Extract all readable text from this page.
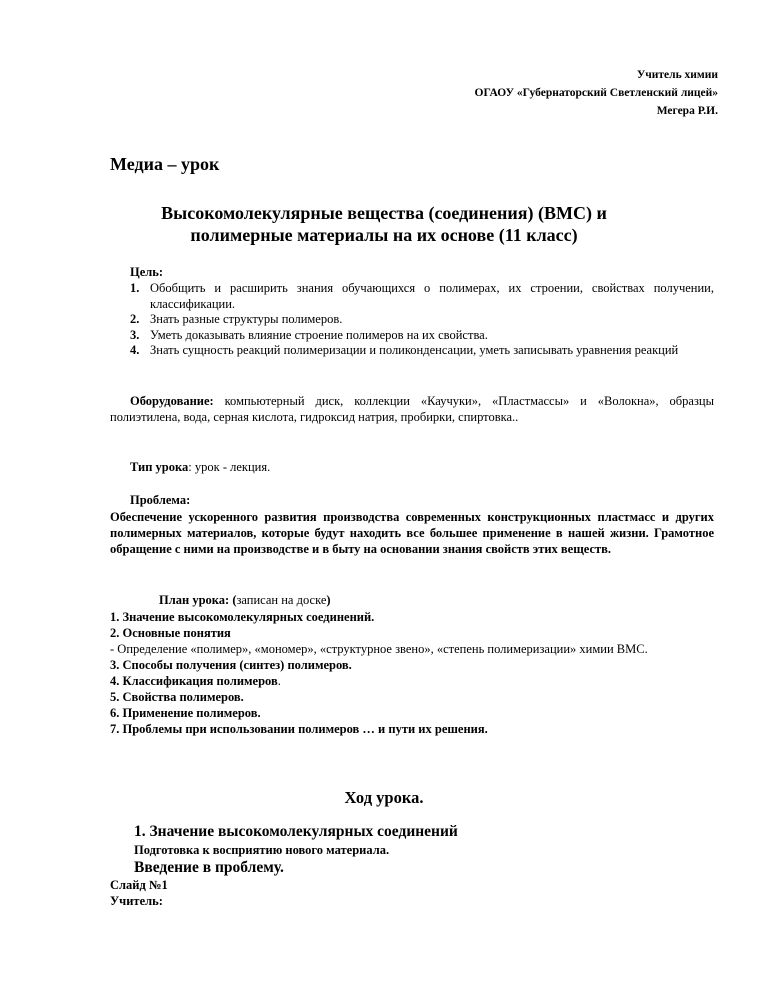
Учитель химии
ОГАОУ «Губернаторский Светленский лицей»
Мегера Р.И.
Медиа – урок
Высокомолекулярные вещества (соединения) (ВМС) и
полимерные материалы на их основе (11 класс)
Цель:
1. Обобщить и расширить знания обучающихся о полимерах, их строении, свойствах получении, классификации.
2. Знать разные структуры полимеров.
3. Уметь доказывать влияние строение полимеров на их свойства.
4. Знать сущность реакций полимеризации и поликонденсации, уметь записывать уравнения реакций

Оборудование: компьютерный диск, коллекции «Каучуки», «Пластмассы» и «Волокна», образцы полиэтилена, вода, серная кислота, гидроксид натрия, пробирки, спиртовка..

Тип урока: урок - лекция.

Проблема:

Обеспечение ускоренного развития производства современных конструкционных пластмасс и других полимерных материалов, которые будут находить все большее применение в нашей жизни. Грамотное обращение с ними на производстве и в быту на основании знания свойств этих веществ.

План урока: (записан на доске)
1. Значение высокомолекулярных соединений.
2. Основные понятия
- Определение «полимер», «мономер», «структурное звено», «степень полимеризации» химии ВМС.
3. Способы получения (синтез) полимеров.
4. Классификация полимеров.
5. Свойства полимеров.
6. Применение полимеров.
7. Проблемы при использовании полимеров … и пути их решения.
Ход урока.
1. Значение высокомолекулярных соединений
Подготовка к восприятию нового материала.
Введение в проблему.
Слайд №1
Учитель:
